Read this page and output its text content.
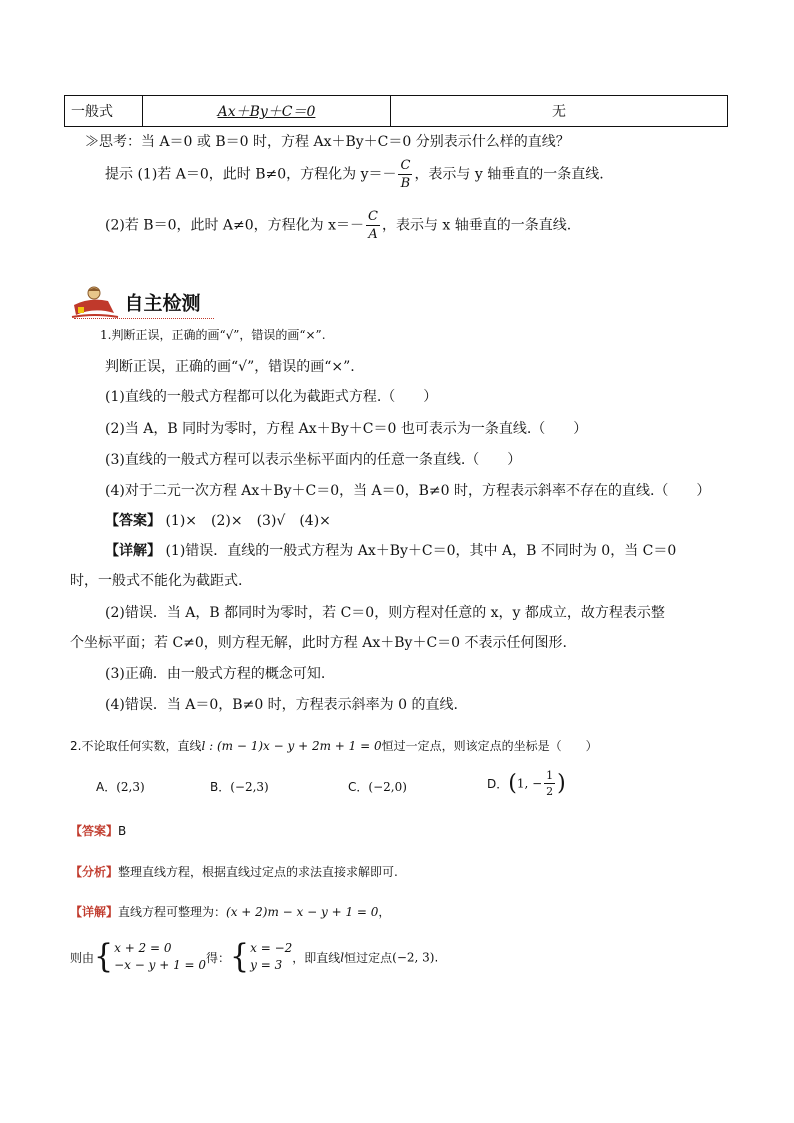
一般式	Ax＋By＋C＝0	无
≫思考：当 A＝0 或 B＝0 时，方程 Ax＋By＋C＝0 分别表示什么样的直线？
提示 (1)若 A＝0，此时 B≠0，方程化为 $y=- \frac{C}{B}$ ，表示与 y 轴垂直的一条直线.
(2)若 B＝0，此时 A≠0，方程化为 $x=- \frac{C}{A}$ ，表示与 x 轴垂直的一条直线.
自主检测
1.判断正误，正确的画“√”，错误的画“×”.
判断正误，正确的画“√”，错误的画“×”.
(1)直线的一般式方程都可以化为截距式方程.（　　）
(2)当 A，B 同时为零时，方程 Ax＋By＋C＝0 也可表示为一条直线.（　　）
(3)直线的一般式方程可以表示坐标平面内的任意一条直线.（　　）
(4)对于二元一次方程 Ax＋By＋C＝0，当 A＝0，B≠0 时，方程表示斜率不存在的直线.（　　）
【答案】 (1)×　(2)×　(3)√　(4)×
【详解】 (1)错误．直线的一般式方程为 Ax＋By＋C＝0，其中 A，B 不同时为 0，当 C＝0
时，一般式不能化为截距式.
(2)错误．当 A，B 都同时为零时，若 C＝0，则方程对任意的 x，y 都成立，故方程表示整
个坐标平面；若 C≠0，则方程无解，此时方程 Ax＋By＋C＝0 不表示任何图形.
(3)正确．由一般式方程的概念可知.
(4)错误．当 A＝0，B≠0 时，方程表示斜率为 0 的直线.
2.不论取任何实数，直线l : (m − 1)x − y + 2m + 1 = 0恒过一定点，则该定点的坐标是（　　）
A．(2,3)	B．(−2,3)	C．(−2,0)	D．(1, − $\frac{1}{2}$ )
【答案】B
【分析】整理直线方程，根据直线过定点的求法直接求解即可.
【详解】直线方程可整理为：(x + 2)m − x − y + 1 = 0，
则由{ x + 2 = 0
−x − y + 1 = 0
得：{ x = −2
y = 3
，即直线l恒过定点(−2, 3).
